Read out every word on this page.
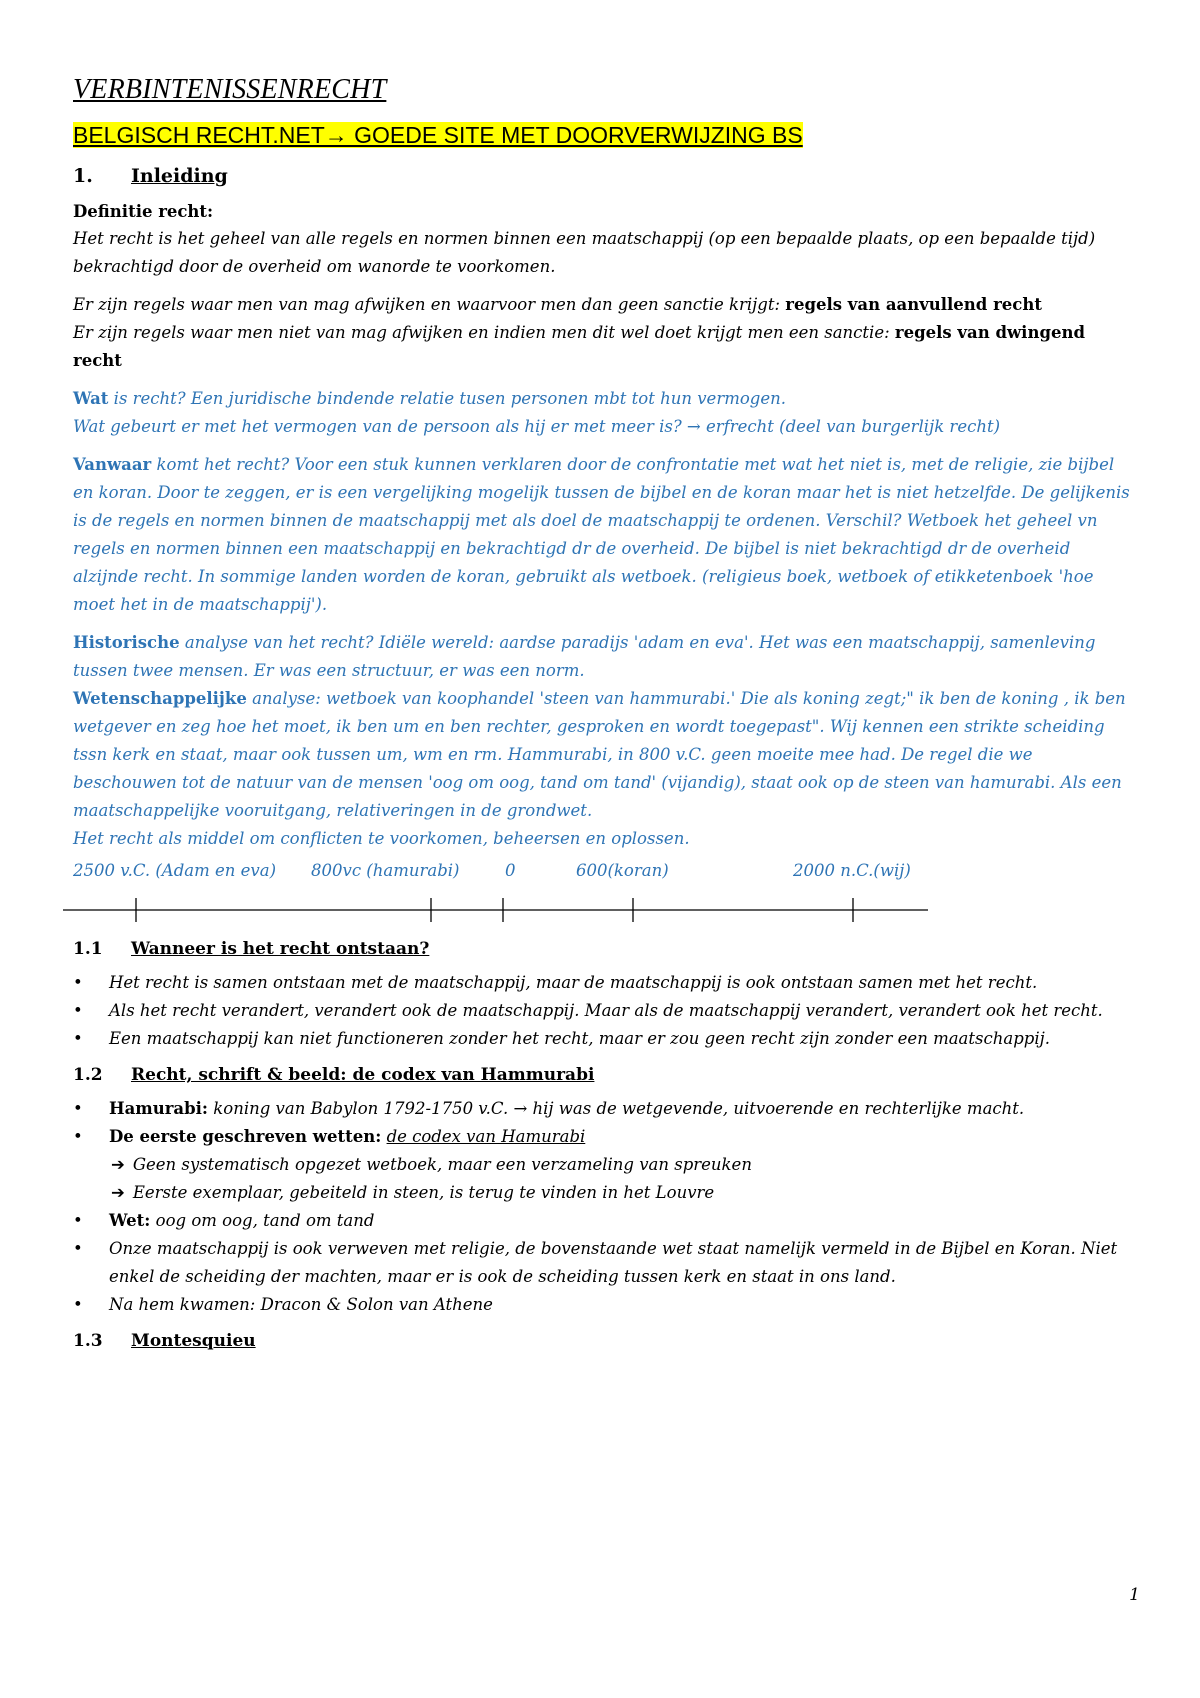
VERBINTENISSENRECHT
BELGISCH RECHT.NET→ GOEDE SITE MET DOORVERWIJZING BS
1.	Inleiding

Definitie recht:

Het recht is het geheel van alle regels en normen binnen een maatschappij (op een bepaalde plaats, op een bepaalde tijd) bekrachtigd door de overheid om wanorde te voorkomen.

Er zijn regels waar men van mag afwijken en waarvoor men dan geen sanctie krijgt: regels van aanvullend recht
Er zijn regels waar men niet van mag afwijken en indien men dit wel doet krijgt men een sanctie: regels van dwingend recht

Wat is recht? Een juridische bindende relatie tusen personen mbt tot hun vermogen.
Wat gebeurt er met het vermogen van de persoon als hij er met meer is? → erfrecht (deel van burgerlijk recht)

Vanwaar komt het recht? Voor een stuk kunnen verklaren door de confrontatie met wat het niet is, met de religie, zie bijbel en koran. Door te zeggen, er is een vergelijking mogelijk tussen de bijbel en de koran maar het is niet hetzelfde. De gelijkenis is de regels en normen binnen de maatschappij met als doel de maatschappij te ordenen. Verschil? Wetboek het geheel vn regels en normen binnen een maatschappij en bekrachtigd dr de overheid. De bijbel is niet bekrachtigd dr de overheid alzijnde recht. In sommige landen worden de koran, gebruikt als wetboek. (religieus boek, wetboek of etikketenboek 'hoe moet het in de maatschappij').

Historische analyse van het recht? Idiële wereld: aardse paradijs 'adam en eva'. Het was een maatschappij, samenleving tussen twee mensen. Er was een structuur, er was een norm.

Wetenschappelijke analyse: wetboek van koophandel 'steen van hammurabi.' Die als koning zegt;" ik ben de koning , ik ben wetgever en zeg hoe het moet, ik ben um en ben rechter, gesproken en wordt toegepast". Wij kennen een strikte scheiding tssn kerk en staat, maar ook tussen um, wm en rm. Hammurabi, in 800 v.C. geen moeite mee had. De regel die we beschouwen tot de natuur van de mensen 'oog om oog, tand om tand' (vijandig), staat ook op de steen van hamurabi. Als een maatschappelijke vooruitgang, relativeringen in de grondwet.
Het recht als middel om conflicten te voorkomen, beheersen en oplossen.

2500 v.C. (Adam en eva) 800vc (hamurabi)	0	600(koran)	2000 n.C.(wij)
1.1	Wanneer is het recht ontstaan?
• Het recht is samen ontstaan met de maatschappij, maar de maatschappij is ook ontstaan samen met het recht.
• Als het recht verandert, verandert ook de maatschappij. Maar als de maatschappij verandert, verandert ook het recht.
• Een maatschappij kan niet functioneren zonder het recht, maar er zou geen recht zijn zonder een maatschappij.
1.2	Recht, schrift & beeld: de codex van Hammurabi
• Hamurabi: koning van Babylon 1792-1750 v.C. → hij was de wetgevende, uitvoerende en rechterlijke macht.
• De eerste geschreven wetten: de codex van Hamurabi
➔ Geen systematisch opgezet wetboek, maar een verzameling van spreuken
➔ Eerste exemplaar, gebeiteld in steen, is terug te vinden in het Louvre
• Wet: oog om oog, tand om tand
• Onze maatschappij is ook verweven met religie, de bovenstaande wet staat namelijk vermeld in de Bijbel en Koran. Niet enkel de scheiding der machten, maar er is ook de scheiding tussen kerk en staat in ons land.
• Na hem kwamen: Dracon & Solon van Athene
1.3	Montesquieu
1
